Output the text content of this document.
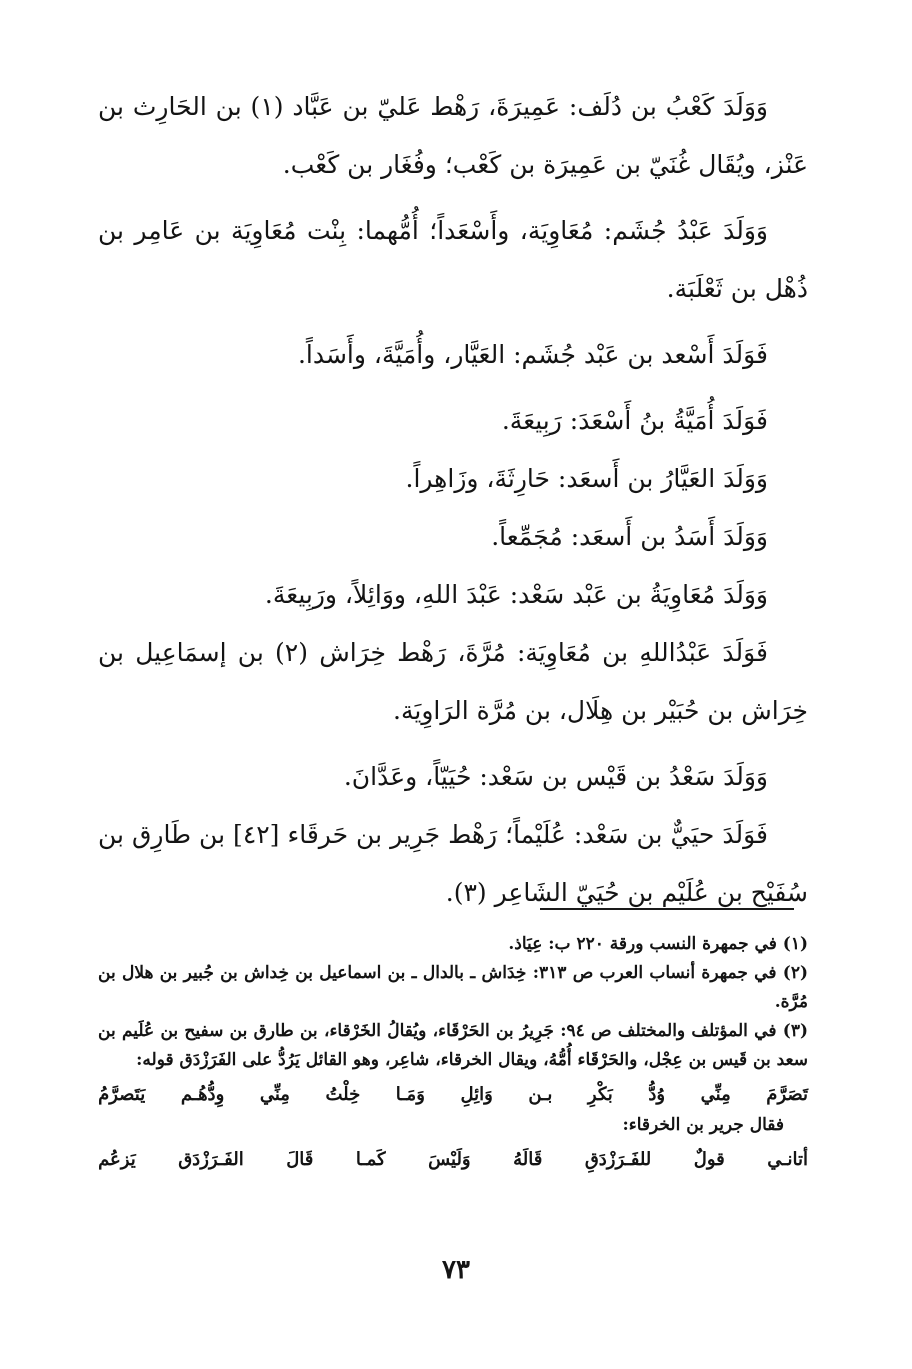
وَوَلَدَ كَعْبُ بن دُلَف: عَمِيرَةَ، رَهْط عَليّ بن عَبَّاد (١) بن الحَارِث بن عَنْز، ويُقَال غُنَيّ بن عَمِيرَة بن كَعْب؛ وفُغَار بن كَعْب.

وَوَلَدَ عَبْدُ جُشَم: مُعَاوِيَة، وأَسْعَداً؛ أُمُّهما: بِنْت مُعَاوِيَة بن عَامِر بن ذُهْل بن ثَعْلَبَة.

فَوَلَدَ أَسْعد بن عَبْد جُشَم: العَيَّار، وأُمَيَّةَ، وأَسَداً.

فَوَلَدَ أُمَيَّةُ بنُ أَسْعَدَ: رَبِيعَةَ.

وَوَلَدَ العَيَّارُ بن أَسعَد: حَارِثَةَ، وزَاهِراً.

وَوَلَدَ أَسَدُ بن أَسعَد: مُجَمِّعاً.

وَوَلَدَ مُعَاوِيَةُ بن عَبْد سَعْد: عَبْدَ اللهِ، ووَائِلاً، ورَبِيعَةَ.

فَوَلَدَ عَبْدُاللهِ بن مُعَاوِيَة: مُرَّةَ، رَهْط خِرَاش (٢) بن إسمَاعِيل بن خِرَاش بن حُبَيْر بن هِلَال، بن مُرَّة الرَاوِيَة.

وَوَلَدَ سَعْدُ بن قَيْس بن سَعْد: حُيَيّاً، وعَدَّانَ.

فَوَلَدَ حيَيٌّ بن سَعْد: عُلَيْماً؛ رَهْط جَرِير بن حَرقَاء [٤٢] بن طَارِق بن سُفَيْح بن عُلَيْم بن حُيَيّ الشَاعِر (٣).

(١) في جمهرة النسب ورقة ٢٢٠ ب: عِيَاذ.

(٢) في جمهرة أنساب العرب ص ٣١٣: خِدَاش ـ بالدال ـ بن اسماعيل بن خِداش بن جُبير بن هلال بن مُرَّة.

(٣) في المؤتلف والمختلف ص ٩٤: جَرِيرُ بن الحَرْقَاء، ويُقالُ الخَرْقاء، بن طارق بن سفيح بن عُلَيم بن سعد بن قَيس بن عِجْل، والحَرْقَاء أُمُّهُ، ويقال الخرقاء، شاعِر، وهو القائل يَرُدُّ على الفَرَزْدَق قوله:

تَصَرَّمَ
مِنِّي
وُدُّ
بَكْرِ
بـن
وَائِلِ
وَمَـا
خِلْتُ
مِنِّي
وِدُّهُـم
يَتَصرَّمُ

فقال جرير بن الخرقاء:

أتانـي
قولٌ
للفَـرَزْدَقِ
قَالَهُ
وَلَيْسَ
كَمـا
قَالَ
الفَـرَزْدَق
يَزعُم
٧٣
